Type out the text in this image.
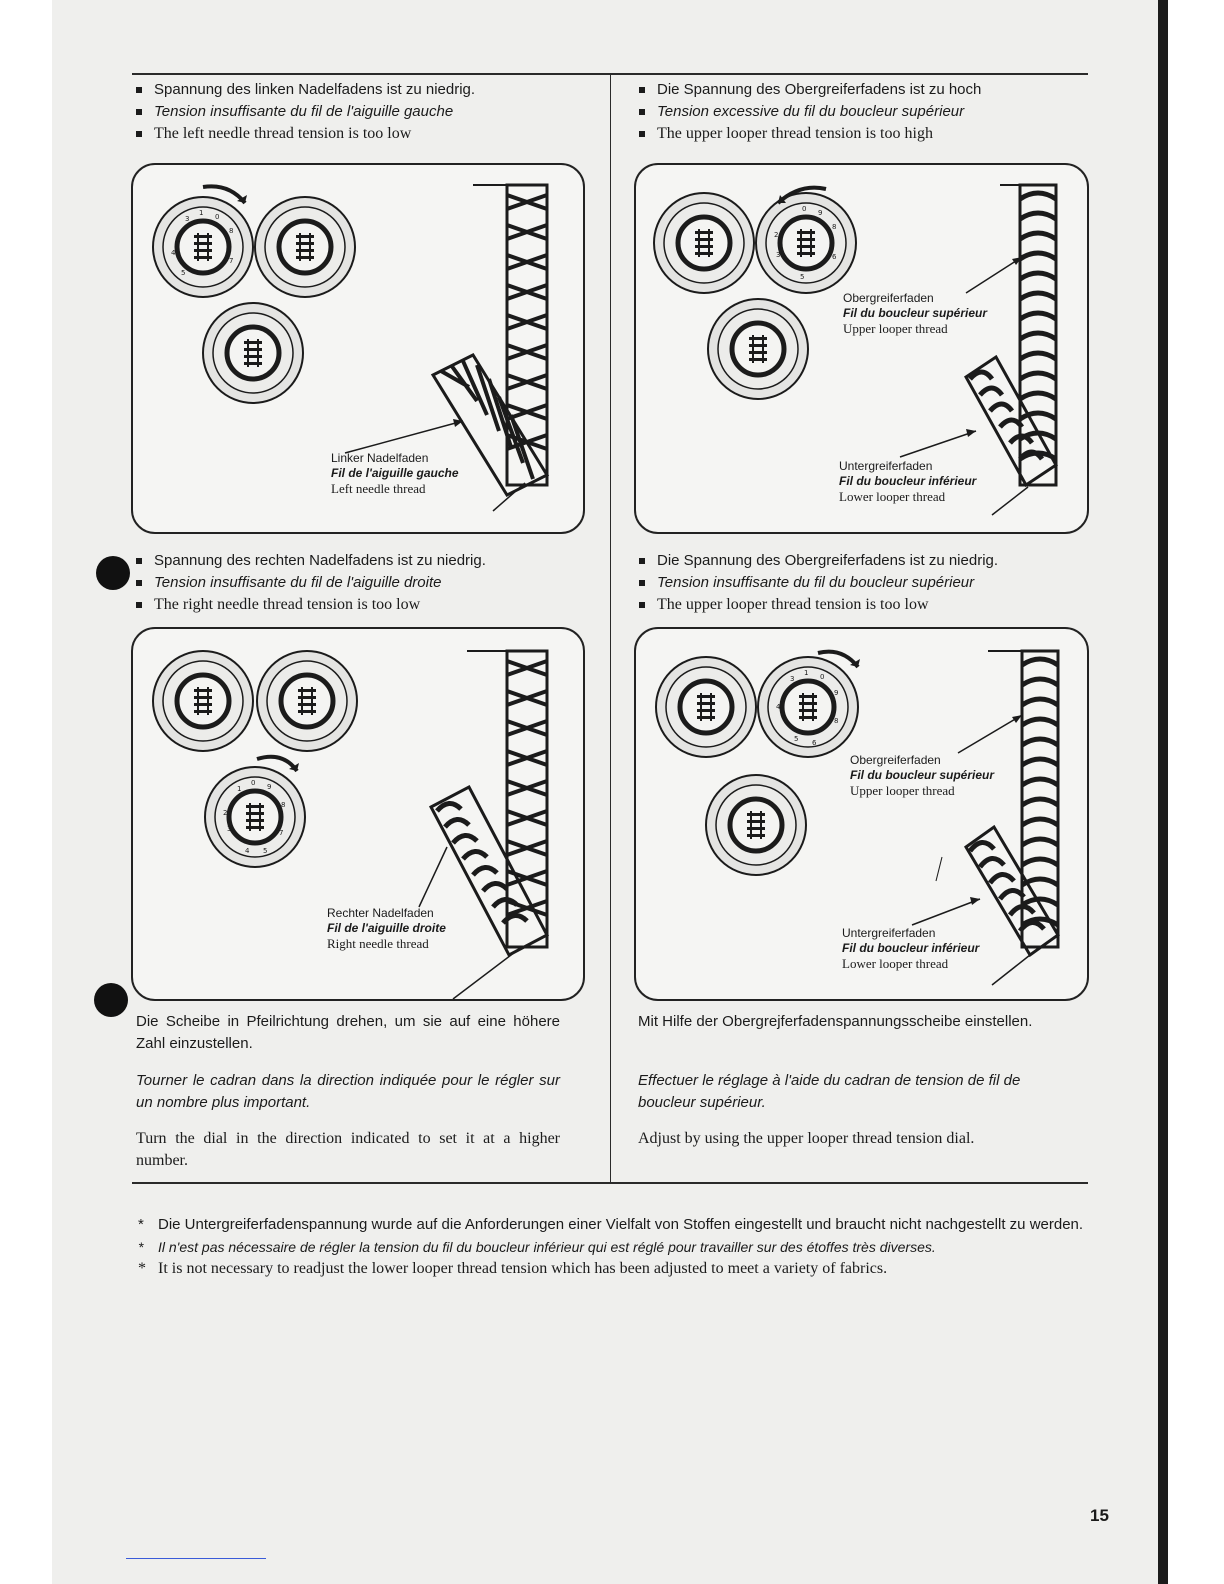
Spannung des linken Nadelfadens ist zu niedrig.
Tension insuffisante du fil de l'aiguille gauche
The left needle thread tension is too low
3
1 0
8
7
4
5
Linker Nadelfaden
Fil de l'aiguille gauche
Left needle thread
Die Spannung des Obergreiferfadens ist zu hoch
Tension excessive du fil du boucleur supérieur
The upper looper thread tension is too high
0 9
8
6
2
3
5
Obergreiferfaden
Fil du boucleur supérieur
Upper looper thread
Untergreiferfaden
Fil du boucleur inférieur
Lower looper thread
Spannung des rechten Nadelfadens ist zu niedrig.
Tension insuffisante du fil de l'aiguille droite
The right needle thread tension is too low
0
1	9
8
2
3	7
4 5
Rechter Nadelfaden
Fil de l'aiguille droite
Right needle thread
Die Spannung des Obergreiferfadens ist zu niedrig.
Tension insuffisante du fil du boucleur supérieur
The upper looper thread tension is too low
3
1 0
9
8
4
5 6
Obergreiferfaden
Fil du boucleur supérieur
Upper looper thread
Untergreiferfaden
Fil du boucleur inférieur
Lower looper thread

Die Scheibe in Pfeilrichtung drehen, um sie auf eine höhere Zahl einzustellen.

Tourner le cadran dans la direction indiquée pour le régler sur un nombre plus important.

Turn the dial in the direction indicated to set it at a higher number.

Mit Hilfe der Obergrejferfadenspannungsscheibe einstellen.

Effectuer le réglage à l'aide du cadran de tension de fil de boucleur supérieur.

Adjust by using the upper looper thread tension dial.

* Die Untergreiferfadenspannung wurde auf die Anforderungen einer Vielfalt von Stoffen eingestellt und braucht nicht nachgestellt zu werden.
* Il n'est pas nécessaire de régler la tension du fil du boucleur inférieur qui est réglé pour travailler sur des étoffes très diverses.
* It is not necessary to readjust the lower looper thread tension which has been adjusted to meet a variety of fabrics.
15
